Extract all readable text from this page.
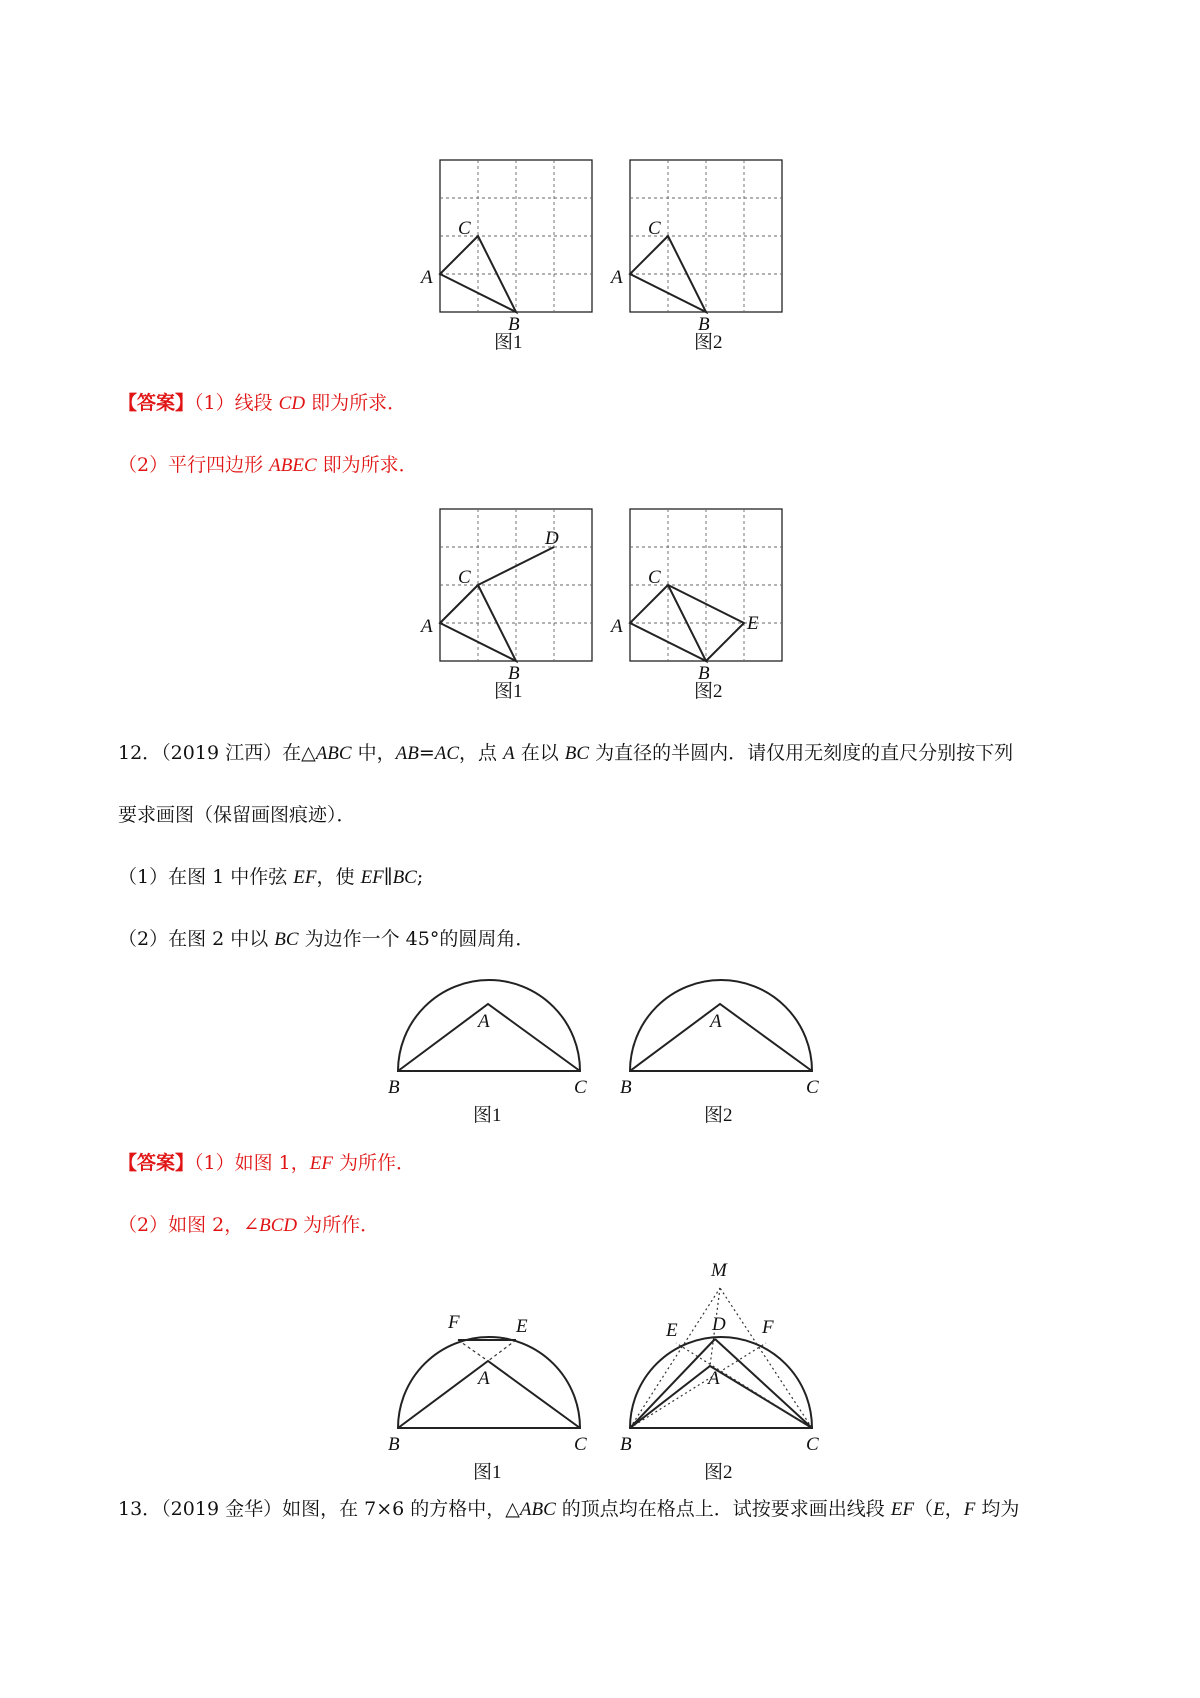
A
C
B
图1
A
C
B
图2
A
C
D
B
图1
A
C
E
B
图2
A
B	C
图1
A
B	C
图2
F	E
A
B	C
图1
M
E D F
A
B	C
图2
【答案】（1）线段 CD 即为所求．
（2）平行四边形 ABEC 即为所求．
12．（2019 江西）在△ABC 中，AB=AC，点 A 在以 BC 为直径的半圆内．请仅用无刻度的直尺分别按下列
要求画图（保留画图痕迹）．
（1）在图 1 中作弦 EF，使 EF∥BC;
（2）在图 2 中以 BC 为边作一个 45°的圆周角．
【答案】（1）如图 1，EF 为所作．
（2）如图 2，∠BCD 为所作．
13．（2019 金华）如图，在 7×6 的方格中，△ABC 的顶点均在格点上．试按要求画出线段 EF（E，F 均为
